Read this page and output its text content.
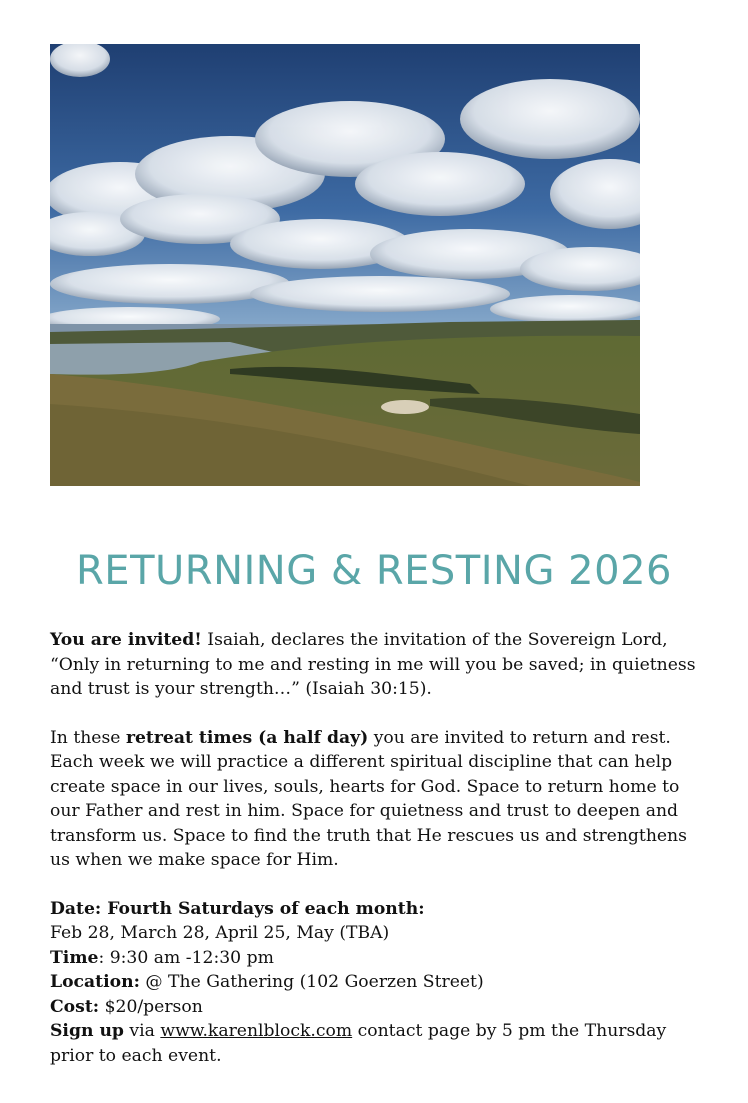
RETURNING & RESTING 2026

You are invited! Isaiah, declares the invitation of the Sovereign Lord, “Only in returning to me and resting in me will you be saved; in quietness and trust is your strength…” (Isaiah 30:15).

In these retreat times (a half day) you are invited to return and rest. Each week we will practice a different spiritual discipline that can help create space in our lives, souls, hearts for God. Space to return home to our Father and rest in him. Space for quietness and trust to deepen and transform us. Space to find the truth that He rescues us and strengthens us when we make space for Him.

Date: Fourth Saturdays of each month:

Feb 28, March 28, April 25, May (TBA)

Time: 9:30 am -12:30 pm

Location: @ The Gathering (102 Goerzen Street)

Cost: $20/person

Sign up via www.karenlblock.com contact page by 5 pm the Thursday prior to each event.
